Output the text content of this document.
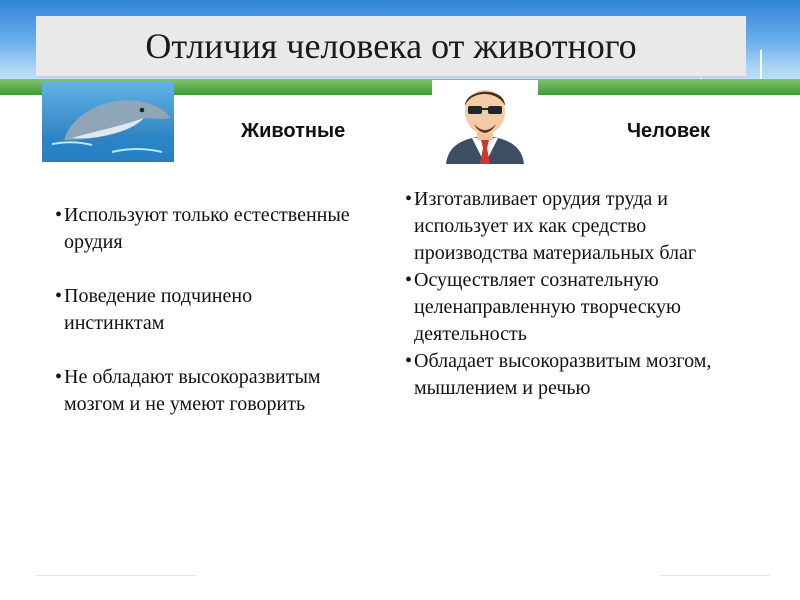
Отличия человека от животного
Животные	Человек
• Используют только естественные орудия
• Поведение подчинено инстинктам
• Не обладают высокоразвитым мозгом и не умеют говорить
• Изготавливает орудия труда и использует их как средство производства материальных благ
• Осуществляет сознательную целенаправленную творческую деятельность
• Обладает высокоразвитым мозгом, мышлением и речью
